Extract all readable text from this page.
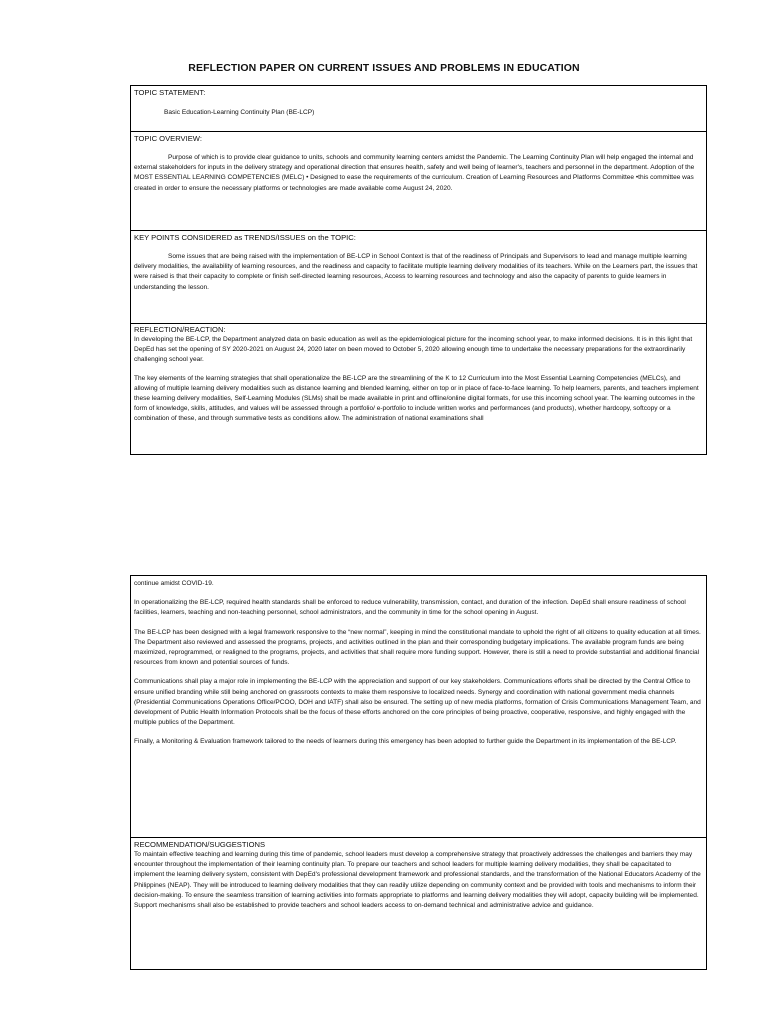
REFLECTION PAPER ON CURRENT ISSUES AND PROBLEMS IN EDUCATION
TOPIC STATEMENT:
Basic Education-Learning Continuity Plan (BE-LCP)
TOPIC OVERVIEW:
Purpose of which is to provide clear guidance to units, schools and community learning centers amidst the Pandemic. The Learning Continuity Plan will help engaged the internal and external stakeholders for inputs in the delivery strategy and operational direction that ensures health, safety and well being of learner's, teachers and personnel in the department. Adoption of the MOST ESSENTIAL LEARNING COMPETENCIES (MELC) • Designed to ease the requirements of the curriculum. Creation of Learning Resources and Platforms Committee •this committee was created in order to ensure the necessary platforms or technologies are made available come August 24, 2020.
KEY POINTS CONSIDERED as TRENDS/ISSUES on the TOPIC:
Some issues that are being raised with the implementation of BE-LCP in School Context is that of the readiness of Principals and Supervisors to lead and manage multiple learning delivery modalities, the availability of learning resources, and the readiness and capacity to facilitate multiple learning delivery modalities of its teachers. While on the Learners part, the issues that were raised is that their capacity to complete or finish self-directed learning resources, Access to learning resources and technology and also the capacity of parents to guide learners in understanding the lesson.
REFLECTION/REACTION:

In developing the BE-LCP, the Department analyzed data on basic education as well as the epidemiological picture for the incoming school year, to make informed decisions. It is in this light that DepEd has set the opening of SY 2020-2021 on August 24, 2020 later on been moved to October 5, 2020 allowing enough time to undertake the necessary preparations for the extraordinarily challenging school year.

The key elements of the learning strategies that shall operationalize the BE-LCP are the streamlining of the K to 12 Curriculum into the Most Essential Learning Competencies (MELCs), and allowing of multiple learning delivery modalities such as distance learning and blended learning, either on top or in place of face-to-face learning. To help learners, parents, and teachers implement these learning delivery modalities, Self-Learning Modules (SLMs) shall be made available in print and offline/online digital formats, for use this incoming school year. The learning outcomes in the form of knowledge, skills, attitudes, and values will be assessed through a portfolio/ e-portfolio to include written works and performances (and products), whether hardcopy, softcopy or a combination of these, and through summative tests as conditions allow. The administration of national examinations shall

continue amidst COVID-19.

In operationalizing the BE-LCP, required health standards shall be enforced to reduce vulnerability, transmission, contact, and duration of the infection. DepEd shall ensure readiness of school facilities, learners, teaching and non-teaching personnel, school administrators, and the community in time for the school opening in August.

The BE-LCP has been designed with a legal framework responsive to the “new normal”, keeping in mind the constitutional mandate to uphold the right of all citizens to quality education at all times. The Department also reviewed and assessed the programs, projects, and activities outlined in the plan and their corresponding budgetary implications. The available program funds are being maximized, reprogrammed, or realigned to the programs, projects, and activities that shall require more funding support. However, there is still a need to provide substantial and additional financial resources from known and potential sources of funds.

Communications shall play a major role in implementing the BE-LCP with the appreciation and support of our key stakeholders. Communications efforts shall be directed by the Central Office to ensure unified branding while still being anchored on grassroots contexts to make them responsive to localized needs. Synergy and coordination with national government media channels (Presidential Communications Operations Office/PCOO, DOH and IATF) shall also be ensured. The setting up of new media platforms, formation of Crisis Communications Management Team, and development of Public Health Information Protocols shall be the focus of these efforts anchored on the core principles of being proactive, cooperative, responsive, and highly engaged with the multiple publics of the Department.

Finally, a Monitoring & Evaluation framework tailored to the needs of learners during this emergency has been adopted to further guide the Department in its implementation of the BE-LCP.

RECOMMENDATION/SUGGESTIONS

To maintain effective teaching and learning during this time of pandemic, school leaders must develop a comprehensive strategy that proactively addresses the challenges and barriers they may encounter throughout the implementation of their learning continuity plan. To prepare our teachers and school leaders for multiple learning delivery modalities, they shall be capacitated to implement the learning delivery system, consistent with DepEd's professional development framework and professional standards, and the transformation of the National Educators Academy of the Philippines (NEAP). They will be introduced to learning delivery modalities that they can readily utilize depending on community context and be provided with tools and mechanisms to inform their decision-making. To ensure the seamless transition of learning activities into formats appropriate to platforms and learning delivery modalities they will adopt, capacity building will be implemented. Support mechanisms shall also be established to provide teachers and school leaders access to on-demand technical and administrative advice and guidance.
